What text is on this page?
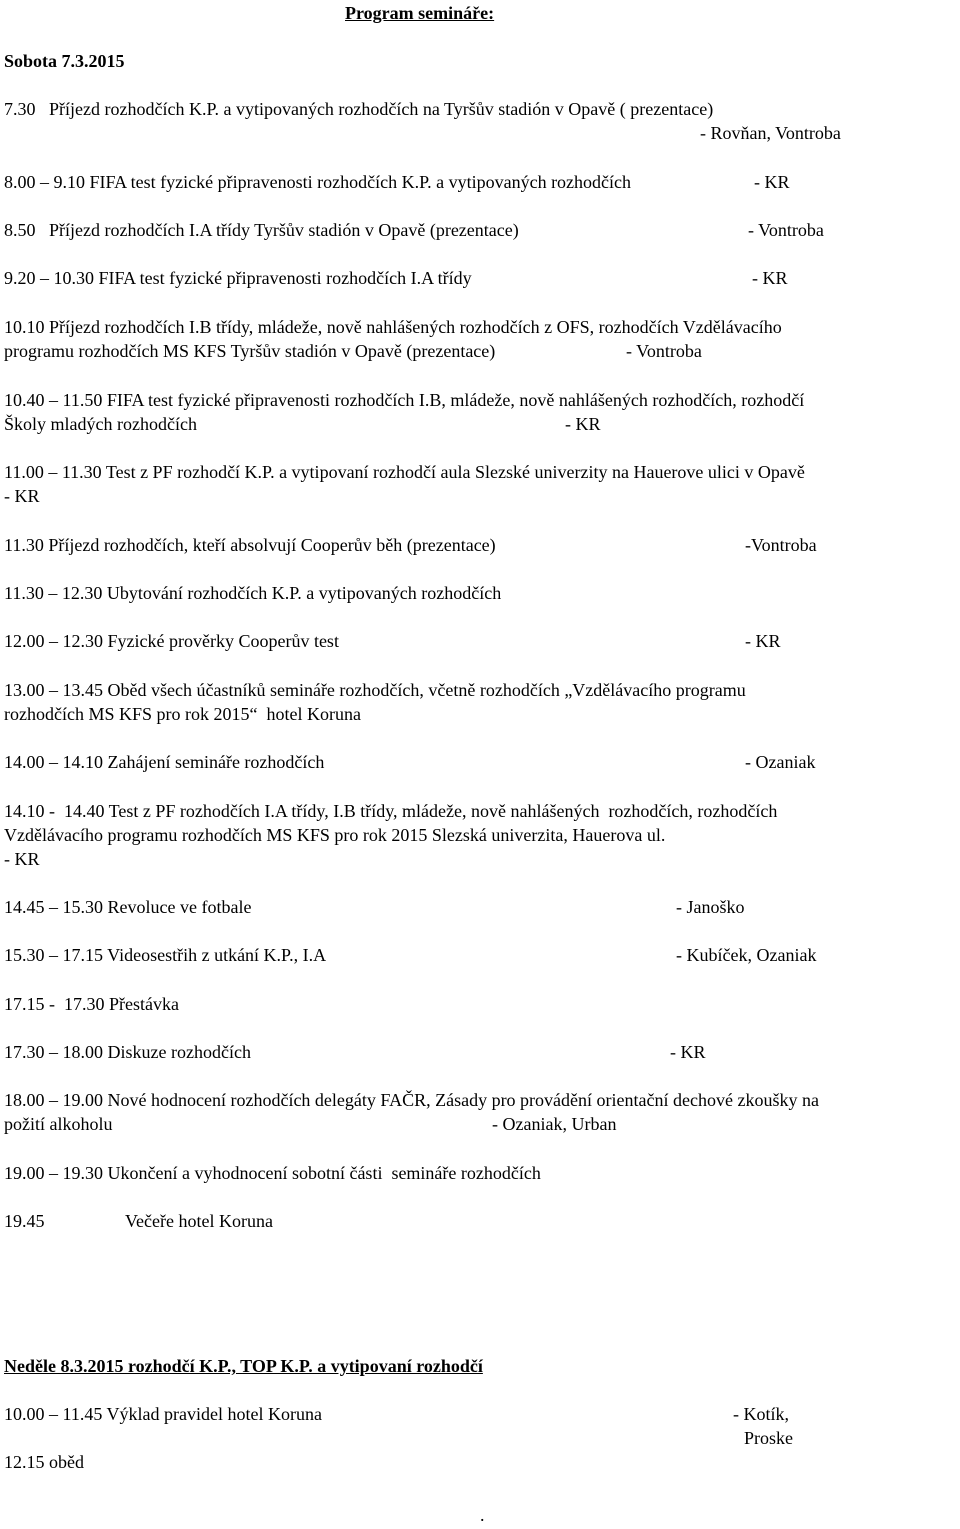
Program semináře:
Sobota 7.3.2015
7.30   Příjezd rozhodčích K.P. a vytipovaných rozhodčích na Tyršův stadión v Opavě ( prezentace)
- Rovňan, Vontroba
8.00 – 9.10 FIFA test fyzické připravenosti rozhodčích K.P. a vytipovaných rozhodčích	- KR
8.50   Příjezd rozhodčích I.A třídy Tyršův stadión v Opavě (prezentace)	- Vontroba
9.20 – 10.30 FIFA test fyzické připravenosti rozhodčích I.A třídy	- KR
10.10 Příjezd rozhodčích I.B třídy, mládeže, nově nahlášených rozhodčích z OFS, rozhodčích Vzdělávacího
programu rozhodčích MS KFS Tyršův stadión v Opavě (prezentace)	- Vontroba
10.40 – 11.50 FIFA test fyzické připravenosti rozhodčích I.B, mládeže, nově nahlášených rozhodčích, rozhodčí
Školy mladých rozhodčích	- KR
11.00 – 11.30 Test z PF rozhodčí K.P. a vytipovaní rozhodčí aula Slezské univerzity na Hauerove ulici v Opavě
- KR
11.30 Příjezd rozhodčích, kteří absolvují Cooperův běh (prezentace)	-Vontroba
11.30 – 12.30 Ubytování rozhodčích K.P. a vytipovaných rozhodčích
12.00 – 12.30 Fyzické prověrky Cooperův test	- KR
13.00 – 13.45 Oběd všech účastníků semináře rozhodčích, včetně rozhodčích „Vzdělávacího programu
rozhodčích MS KFS pro rok 2015“  hotel Koruna
14.00 – 14.10 Zahájení semináře rozhodčích	- Ozaniak
14.10 -  14.40 Test z PF rozhodčích I.A třídy, I.B třídy, mládeže, nově nahlášených  rozhodčích, rozhodčích
Vzdělávacího programu rozhodčích MS KFS pro rok 2015 Slezská univerzita, Hauerova ul.
- KR
14.45 – 15.30 Revoluce ve fotbale	- Janoško
15.30 – 17.15 Videosestřih z utkání K.P., I.A	- Kubíček, Ozaniak
17.15 -  17.30 Přestávka
17.30 – 18.00 Diskuze rozhodčích	- KR
18.00 – 19.00 Nové hodnocení rozhodčích delegáty FAČR, Zásady pro provádění orientační dechové zkoušky na
požití alkoholu	- Ozaniak, Urban
19.00 – 19.30 Ukončení a vyhodnocení sobotní části  semináře rozhodčích
19.45	Večeře hotel Koruna
Neděle 8.3.2015 rozhodčí K.P., TOP K.P. a vytipovaní rozhodčí
10.00 – 11.45 Výklad pravidel hotel Koruna	- Kotík,
Proske
12.15 oběd
.
